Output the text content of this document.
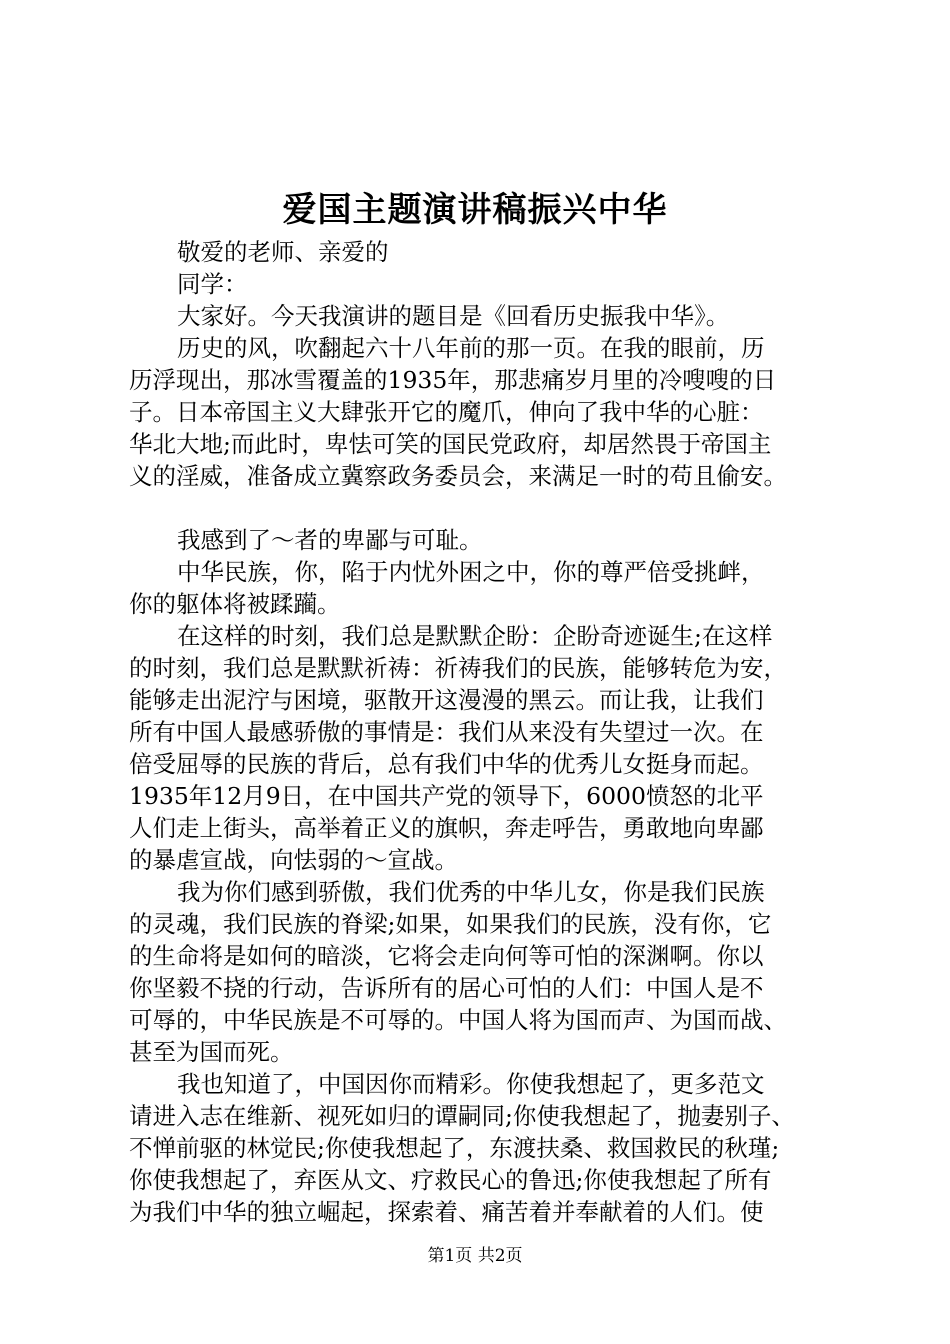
爱国主题演讲稿振兴中华
敬爱的老师、亲爱的
同学：
大家好。今天我演讲的题目是《回看历史振我中华》。
历史的风，吹翻起六十八年前的那一页。在我的眼前，历
历浮现出，那冰雪覆盖的1935年，那悲痛岁月里的冷嗖嗖的日
子。日本帝国主义大肆张开它的魔爪，伸向了我中华的心脏：
华北大地;而此时，卑怯可笑的国民党政府，却居然畏于帝国主
义的淫威，准备成立冀察政务委员会，来满足一时的苟且偷安。
我感到了～者的卑鄙与可耻。
中华民族，你，陷于内忧外困之中，你的尊严倍受挑衅，
你的躯体将被蹂躏。
在这样的时刻，我们总是默默企盼：企盼奇迹诞生;在这样
的时刻，我们总是默默祈祷：祈祷我们的民族，能够转危为安，
能够走出泥泞与困境，驱散开这漫漫的黑云。而让我，让我们
所有中国人最感骄傲的事情是：我们从来没有失望过一次。在
倍受屈辱的民族的背后，总有我们中华的优秀儿女挺身而起。
1935年12月9日，在中国共产党的领导下，6000愤怒的北平
人们走上街头，高举着正义的旗帜，奔走呼告，勇敢地向卑鄙
的暴虐宣战，向怯弱的～宣战。
我为你们感到骄傲，我们优秀的中华儿女，你是我们民族
的灵魂，我们民族的脊梁;如果，如果我们的民族，没有你，它
的生命将是如何的暗淡，它将会走向何等可怕的深渊啊。你以
你坚毅不挠的行动，告诉所有的居心可怕的人们：中国人是不
可辱的，中华民族是不可辱的。中国人将为国而声、为国而战、
甚至为国而死。
我也知道了，中国因你而精彩。你使我想起了，更多范文
请进入志在维新、视死如归的谭嗣同;你使我想起了，抛妻别子、
不惮前驱的林觉民;你使我想起了，东渡扶桑、救国救民的秋瑾;
你使我想起了，弃医从文、疗救民心的鲁迅;你使我想起了所有
为我们中华的独立崛起，探索着、痛苦着并奉献着的人们。使
第1页 共2页
